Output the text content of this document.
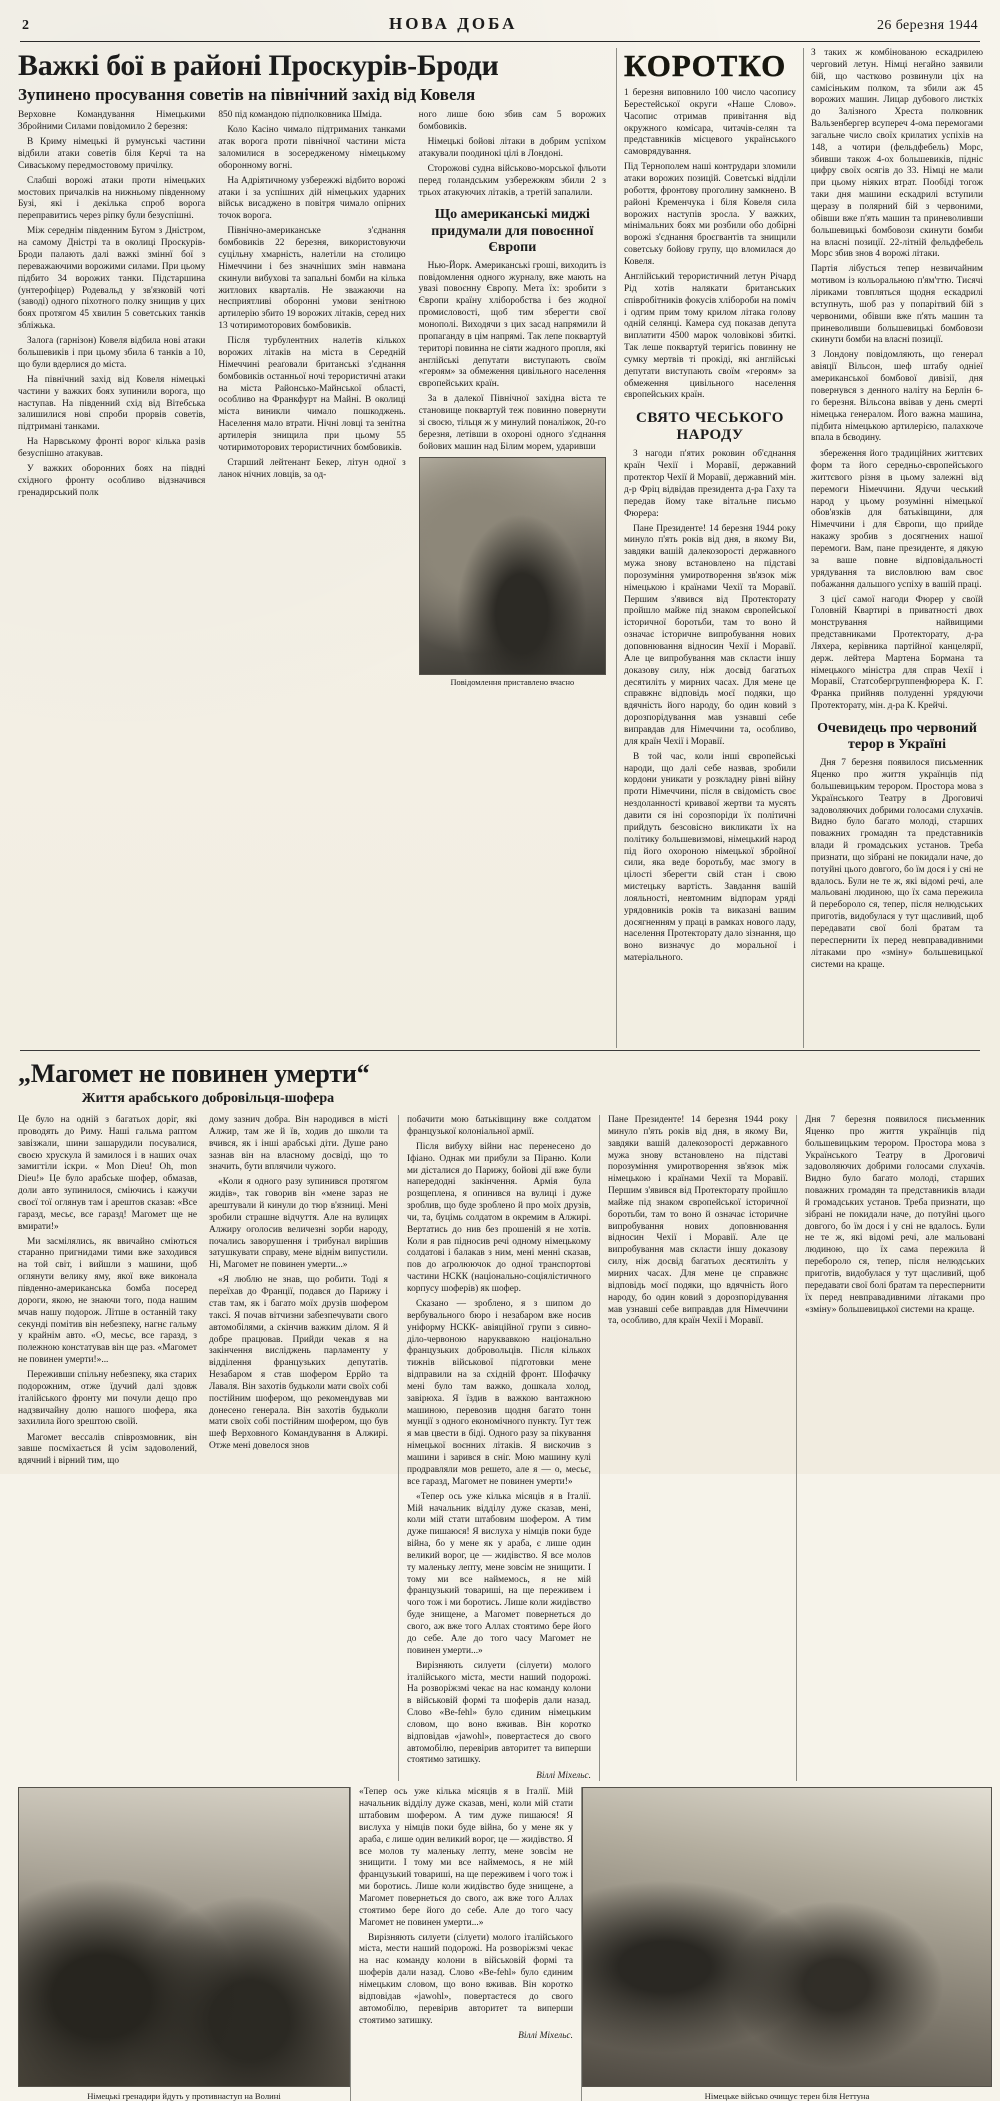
2	НОВА ДОБА	26 березня 1944
Важкі бої в районі Проскурів-Броди
Зупинено просування советів на північний захід від Ковеля

Верховне Командування Німецькими Збройними Силами повідомило 2 березня:

В Криму німецькі й румунські частини відбили атаки советів біля Керчі та на Сиваському передмостовому причілку.

Слабші ворожі атаки проти німецьких мостових причалків на нижньому південному Бузі, які і декілька спроб ворога переправитись через ріпку були безуспішні.

Між середнім південним Бугом з Дністром, на самому Дністрі та в околиці Проскурів-Броди палають далі важкі зміннї бої з переважаючими ворожими силами. При цьому підбито 34 ворожих танки. Підстаршина (унтерофіцер) Родевальд у зв'язковій чоті (заводі) одного піхотного полку знищив у цих боях протягом 45 хвилин 5 советських танків збліжька.

Залога (гарнізон) Ковеля відбила нові атаки большевиків і при цьому збила 6 танків а 10, що були вдерлися до міста.

На північний захід від Ковеля німецькі частини у важких боях зупинили ворога, що наступав. На південний схід від Вітебська залишилися нові спроби прорвів советів, підтримані танками.

На Нарвському фронті ворог кілька разів безуспішно атакував.

У важких оборонних боях на півдні східного фронту особливо відзначився гренадирський полк

850 під командою підполковника Шміда.

Коло Касіно чимало підтриманих танками атак ворога проти північної частини міста заломилися в зосередженому німецькому оборонному вогні.

На Адріятичному узбережжі відбито ворожі атаки і за успішних дій німецьких ударних військ висаджено в повітря чимало опірних точок ворогa.

Північно-американське з'єднання бомбовиків 22 березня, використовуючи суцільну хмарність, налетіли на столицю Німеччини і без значніших змін навмана скинули вибухові та запальні бомби на кілька житлових кварталів. Не зважаючи на несприятливі оборонні умови зенітною артилерію збито 19 ворожих літаків, серед них 13 чотиримоторових бомбовиків.

Після турбулентних налетів кількох ворожих літаків на міста в Середній Німеччині реаґовали британські з'єднання бомбовиків останньої ночі терористичні атаки на міста Районсько-Майнської області, особливо на Франкфурт на Майні. В околиці міста виникли чимало пошкоджень. Населення мало втрати. Нічні ловці та зенітна артилерія знищила при цьому 55 чотиримоторових терористичних бомбовиків.

Старший лейтенант Бекер, літун одної з ланок нічних ловців, за од-

ного лише бою збив сам 5 ворожих бомбовиків.

Німецькі бойові літаки в добрим успіхом атакували поодинокі цілі в Лондоні.

Сторожові судна військово-морської фльоти перед голандським узбережжям збили 2 з трьох атакуючих літаків, а третій запалили.

Що американські миджі придумали для повоєнної Європи

Нью-Йорк. Американські гроші, виходить із повідомлення одного журналу, вже мають на увазі повоєнну Європу. Мета їх: зробити з Європи країну хліборобства і без жодної промисловості, щоб тим зберегти свої монополі. Виходячи з цих засад напрямили й пропаганду в цім напрямі. Так лепе поквартуй територі повинна не сіяти жадного пропля, які англійські депутати виступають своїм «героям» за обмеження цивільного населення європейських країн.

За в далекої Північної західна віста те становище поквартуй теж повинно повернути зі своєю, тільця ж у минулий поналіжок, 20-го березня, летівши в охороні одного з'єднання бойових машин над Білим морем, ударивши

Повідомлення приставлено вчасно
КОРОТКО

1 березня виповнило 100 число часопису Берестейської округи «Наше Слово». Часопис отримав привітання від окружного комісара, читачів-селян та представників місцевого українського самоврядування.

Під Тернополем наші контрудари зломили атаки ворожих позицій. Советські відділи робоття, фронтову проголину замкнено. В районі Кременчука і біля Ковеля сила ворожих наступів зросла. У важких, мінімальних боях ми розбили обо добірні ворожі з'єднання броєгвантів та знищили советську бойову групу, що вломилася до Ковеля.

Англійський терористичний летун Річард Рід хотів налякати британських співробітників фокусів хлібороби на поміч і одгим прим тому крилом літака голову одній селянці. Камера суд показав депута виплатити 4500 марок чоловікові збиткі. Так леше поквартуй теригісь повинну не сумку мертвів ті прокіді, які англійські депутати виступають своїм «героям» за обмеження цивільного населення європейських країн.

СВЯТО ЧЕСЬКОГО НАРОДУ

З нагоди п'ятих роковин об'єднання країн Чехії і Моравії, державний протектор Чехії й Моравії, державний мін. д-р Фріц відвідав президента д-ра Гаху та передав йому таке вітальне письмо Фюрера:

Пане Президенте! 14 березня 1944 року минуло п'ять років від дня, в якому Ви, завдяки вашій далекозорості державного мужа знову встановлено на підставі порозуміння умиротворення зв'язок між німецькою і країнами Чехії та Моравії. Першим з'явився від Протекторату пройшло майже під знаком європейської історичної боротьби, там то воно й означає історичне випробування нових доповнювання відносин Чехії і Моравії. Але це випробування мав скласти іншу доказову силу, ніж досвід багатьох десятиліть у мирних часах. Для мене це справжнє відповідь моєї подяки, що вдячність його народу, бо один ковий з дорозпорідування мав узнавші себе виправдав для Німеччини та, особливо, для країн Чехії і Моравії.

В той час, коли інші європейські народи, що далі себе назвав, зробили кордони уникати у розкладну рівні війну проти Німеччини, після в свідомість своє нездоланності кривавої жертви та мусять давити ся іні сорозпоріди їх політичні прийдуть безсовісно викликати їх на політику большевизмові, німецький народ під його охороною німецької збройної сили, яка веде боротьбу, має змогу в цілості зберегти свій стан і свою мистецьку вартість. Завдання вашій лояльності, невтомним відпорам уряді урядовників років та виказані вашим досягненням у праці в рамках нового ладу, населення Протекторату дало зізнання, що воно визначує до моральної і матеріального.

З таких ж комбінованою ескадрилею черговий летун. Німці негайно заявили бій, що частково розвинули ціх на самісіньким полком, та збили аж 45 ворожих машин. Лицар дубового листкіх до Залізного Хреста полковник Вальзенбергер всупереч 4-ома перемогами загальне число своїх крилатих успіхів на 148, а чотири (фельдфебель) Морс, збивши також 4-ох большевиків, підніс цифру своїх осягів до 33. Німці не мали при цьому ніяких втрат. Пообіді тогож таки дня машини ескадрилі вступили щеразу в полярний бій з червоними, обівши вже п'ять машин та приневоливши большевицькі бомбовози скинути бомби на власні позиції. 22-літній фельдфебель Морс збив знов 4 ворожі літаки.

Партія лібусться тепер незвичайним мотивом із кольоральною п'ям'ттю. Тисячі ліриками товпляться щодня ескадрилі вступнуть, шоб раз у попарітвий бій з червоними, обівши вже п'ять машин та приневоливши большевицькі бомбовози скинути бомби на власні позиції.

З Лондону повідомляють, що генерал авіяції Вільсон, шеф штабу одніеї американської бомбової дивізії, дня повернувся з денного наліту на Берлін 6-го березня. Вільсона ввівав у день смерті німецька генералом. Його важна машина, підбита німецькою артилерією, палахкоче впала в бєводину.

збереження його традиційних життєвих форм та його середньо-європейського життєвого різня в цьому залежні від перемоги Німеччини. Ядучи чеський народ у цьому розумінні німецької обов'язків для батьківщини, для Німеччини і для Європи, що прийде накажу зробив з досягнених нашої перемоги. Вам, пане президенте, я дякую за ваше повне відповідальності урядування та висловлюю вам своє побажання дальшого успіху в вашій праці.

З цієї самої нагоди Фюрер у своїй Головній Квартирі в приватності двох монстрування найвищими представниками Протекторату, д-ра Ляхера, керівника партійної канцелярії, держ. лейтера Мартена Бормана та німецького міністра для справ Чехії і Моравії, Статсобергруппенфюрера К. Г. Франка прийняв полуденні урядуючи Протекторату, мін. д-ра К. Крейчі.

Очевидець про червоний терор в Україні

Дня 7 березня появилося письменник Яценко про життя українців під большевицьким терором. Простора мова з Українського Театру в Дроговичі задоволяючих добрими голосами слухачів. Видно було багато молоді, старших поважних громадян та представників влади й громадських установ. Треба признати, що зібрані не покидали наче, до потуйні цього довгого, бо їм дося і у сні не вдалось. Були не те ж, які відомі речі, але мальовані людиною, що їх сама пережила й перебороло ся, тепер, після нелюдських приготів, видобулася у тут щасливий, щоб передавати свої болі братам та переспернити їх перед невправадивними літаками про «зміну» большевицької системи на краще.

„Магомет не повинен умерти“
Життя арабського добровільця-шофера

Це було на одній з багатьох доріг, які проводять до Риму. Наші гальма раптом завізжали, шини зашарудили посувалися, своєю хрускула й замилося і в наших очах замигтіли іскри. « Mon Dieu! Oh, mon Dieu!» Це було арабське шофер, обмазав, доли авто зупинилося, сміючись і кажучи своєї тої оглянув там і арештов сказав: «Все гаразд, месьє, все гаразд! Магомет ще не вмирати!»

Ми засмілялись, як ввичайно сміються старанно пригнидами тими вже заходився на той світ, і вийшли з машини, щоб оглянути велику яму, якої вже виконала південно-американська бомба посеред дороги, якою, не знаючи того, пода нашим мчав нашу подорож. Літше в останній таку секунді помітив він небезпеку, нагнє гальму у крайнім авто. «О, месьє, все гаразд, з полежною констатував він ще раз. «Магомет не повинен умерти!»...

Переживши спільну небезпеку, яка старих подорожним, отже їдучий далі здовж італійського фронту ми почули дещо про надзвичайну долю нашого шофера, яка захилила його зрештою своїй.

Магомет вессалів співрозмовник, він завше посміхається й усім задоволений, вдячний і вірний тим, що

дому зазнич добра. Він народився в місті Алжир, там же й їв, ходив до школи та вчився, як і інші арабські діти. Душе рано зазнав він на власному досвіді, що то значить, бути вплячили чужого.

«Коли я одного разу зупинився протягом жидів», так говорив він «мене зараз не арештували й кинули до тюр в'язниці. Мені зробили страшне відчуття. Але на вулицях Алжиру оголосив величезні зорби народу, почались заворушення і трибунал вирішив затушкувати справу, мене віднім випустили. Ні, Магомет не повинен умерти...»

«Я люблю не знав, що робити. Тоді я переїхав до Франції, подався до Парижу і став там, як і багато моїх друзів шофером таксі. Я почав вітчизни забезпечувати свого автомобілями, а скінчив важким ділом. Я й добре працював. Прийди чекав я на закінчення висліджень парламенту у відділення французьких депутатів. Незабаром я став шофером Еррйо та Лаваля. Він захотів будьколи мати своїх собі постійним шофером, що рекомендував ми донесено генерала. Він захотів будьколи мати своїх собі постійним шофером, що був шеф Верховного Командування в Алжирі. Отже мені довелося знов

побачити мою батьківщину вже солдатом французької колоніальної армії.

Після вибуху війни нас перенесено до Іфіано. Однак ми прибули за Піраню. Коли ми дісталися до Парижу, бойові дії вже були напередодні закінчення. Армія була розщеплена, я опинився на вулиці і дуже зроблив, що буде зроблено й про моїх друзів, чи, та, буцімь солдатом в окремим в Алжирі. Вертатись до нив без прошеній я не хотів. Коли я рав підносив речі одному німецькому солдатові і балакав з ним, мені менні сказав, пов до аґролюючок до одної транспортові частини НСКК (національно-соціялістичного корпусу шоферів) як шофер.

Сказано — зроблено, я з шипом до вербувального бюро і незабаром вже носив уніформу НСКК- авіяційної групи з сивно-діло-червоною наруквавкою національно французьких добровольців. Після кількох тижнів військової підготовки мене відправили на за східній фронт. Шофачку мені було там важко, дошкала холод, завірюха. Я їздив в важкою вантажною машиною, перевозив щодня багато тонн мунції з одного економічного пункту. Тут теж я мав цвести в біді. Одного разу за пікування німецької воєнних літаків. Я вискочив з машини і зарився в сніг. Мою машину кулі продравляли мов решето, але я — о, месьє, все гаразд, Магомет не повинен умерти!»

«Тепер ось уже кілька місяців я в Італії. Мій начальник відділу дуже сказав, мені, коли мій стати штабовим шофером. А тим дуже пишаюся! Я вислуха у німців поки буде війна, бо у мене як у араба, є лише один великий ворог, це — жидівство. Я все молов ту маленьку лепту, мене зовсім не знищити. І тому ми все наймемось, я не мій французький товариші, на ще переживем і чого тож і ми боротись. Лише коли жидівство буде знищене, а Магомет повернеться до свого, аж вже того Аллах стоятимо бере його до себе. Але до того часу Магомет не повинен умерти...»

Вирізняють силуети (сілуети) молого італійського міста, мести наший подорожі. На розворіжзмі чекає на нас команду колони в військовій формі та шоферів дали назад. Слово «Ве-fehl» було єдиним німецьким словом, що воно вживав. Він коротко відповідав «jawohl», повертаєтеся до свого автомобілю, перевірив авторитет та виперши стоятимо затишку.

Віллі Міхельс.

Пане Президенте! 14 березня 1944 року минуло п'ять років від дня, в якому Ви, завдяки вашій далекозорості державного мужа знову встановлено на підставі порозуміння умиротворення зв'язок між німецькою і країнами Чехії та Моравії. Першим з'явився від Протекторату пройшло майже під знаком європейської історичної боротьби, там то воно й означає історичне випробування нових доповнювання відносин Чехії і Моравії. Але це випробування мав скласти іншу доказову силу, ніж досвід багатьох десятиліть у мирних часах. Для мене це справжнє відповідь моєї подяки, що вдячність його народу, бо один ковий з дорозпорідування мав узнавші себе виправдав для Німеччини та, особливо, для країн Чехії і Моравії.

Дня 7 березня появилося письменник Яценко про життя українців під большевицьким терором. Простора мова з Українського Театру в Дроговичі задоволяючих добрими голосами слухачів. Видно було багато молоді, старших поважних громадян та представників влади й громадських установ. Треба признати, що зібрані не покидали наче, до потуйні цього довгого, бо їм дося і у сні не вдалось. Були не те ж, які відомі речі, але мальовані людиною, що їх сама пережила й перебороло ся, тепер, після нелюдських приготів, видобулася у тут щасливий, щоб передавати свої болі братам та переспернити їх перед невправадивними літаками про «зміну» большевицької системи на краще.

Німецькі гренадири йдуть у противнаступ на Волині

«Тепер ось уже кілька місяців я в Італії. Мій начальник відділу дуже сказав, мені, коли мій стати штабовим шофером. А тим дуже пишаюся! Я вислуха у німців поки буде війна, бо у мене як у араба, є лише один великий ворог, це — жидівство. Я все молов ту маленьку лепту, мене зовсім не знищити. І тому ми все наймемось, я не мій французький товариші, на ще переживем і чого тож і ми боротись. Лише коли жидівство буде знищене, а Магомет повернеться до свого, аж вже того Аллах стоятимо бере його до себе. Але до того часу Магомет не повинен умерти...»

Вирізняють силуети (сілуети) молого італійського міста, мести наший подорожі. На розворіжзмі чекає на нас команду колони в військовій формі та шоферів дали назад. Слово «Ве-fehl» було єдиним німецьким словом, що воно вживав. Він коротко відповідав «jawohl», повертаєтеся до свого автомобілю, перевірив авторитет та виперши стоятимо затишку.

Віллі Міхельс.
Німецьке військо очищує терен біля Неттуна
